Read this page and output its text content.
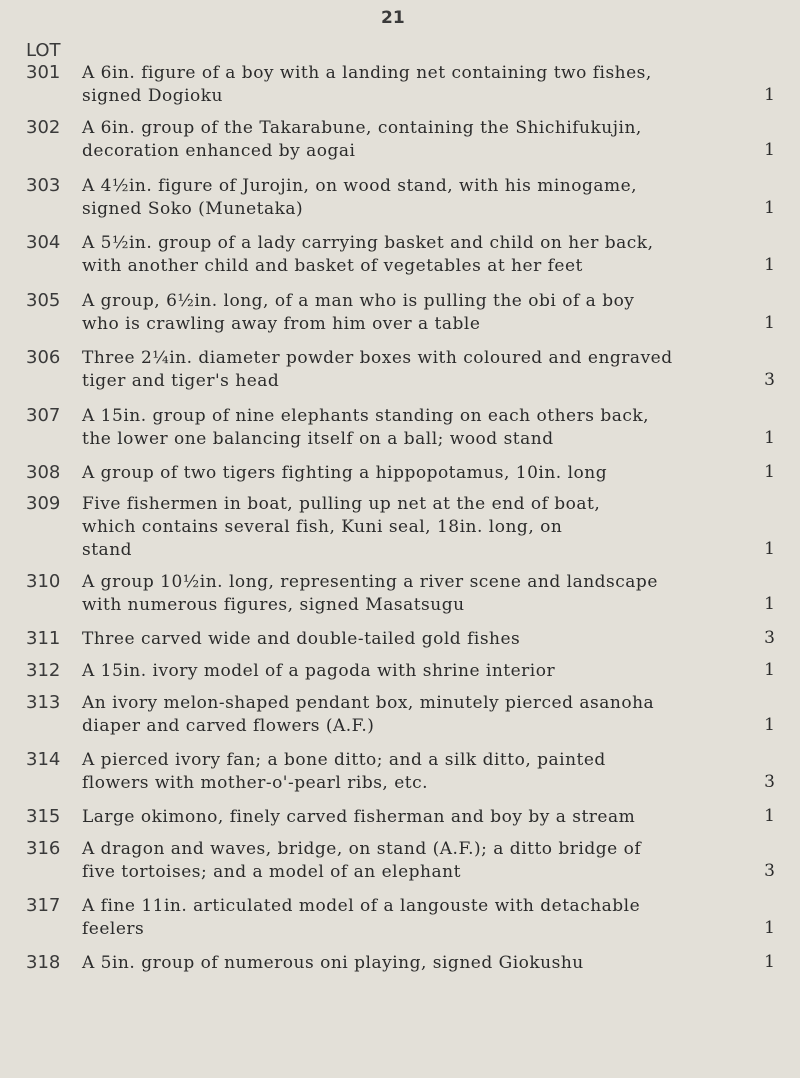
21
LOT
301 A 6in. figure of a boy with a landing net containing two fishes,
signed Dogioku	1
302 A 6in. group of the Takarabune, containing the Shichifukujin,
decoration enhanced by aogai	1
303 A 4½in. figure of Jurojin, on wood stand, with his minogame,
signed Soko (Munetaka)	1
304 A 5½in. group of a lady carrying basket and child on her back,
with another child and basket of vegetables at her feet	1
305 A group, 6½in. long, of a man who is pulling the obi of a boy
who is crawling away from him over a table	1
306 Three 2¼in. diameter powder boxes with coloured and engraved
tiger and tiger's head	3
307 A 15in. group of nine elephants standing on each others back,
the lower one balancing itself on a ball; wood stand	1
308 A group of two tigers fighting a hippopotamus, 10in. long	1
309 Five fishermen in boat, pulling up net at the end of boat,
which contains several fish, Kuni seal, 18in. long, on
stand	1
310 A group 10½in. long, representing a river scene and landscape
with numerous figures, signed Masatsugu	1
311 Three carved wide and double-tailed gold fishes	3
312 A 15in. ivory model of a pagoda with shrine interior	1
313 An ivory melon-shaped pendant box, minutely pierced asanoha
diaper and carved flowers (A.F.)	1
314 A pierced ivory fan; a bone ditto; and a silk ditto, painted
flowers with mother-o'-pearl ribs, etc.	3
315 Large okimono, finely carved fisherman and boy by a stream	1
316 A dragon and waves, bridge, on stand (A.F.); a ditto bridge of
five tortoises; and a model of an elephant	3
317 A fine 11in. articulated model of a langouste with detachable
feelers	1
318 A 5in. group of numerous oni playing, signed Giokushu	1
